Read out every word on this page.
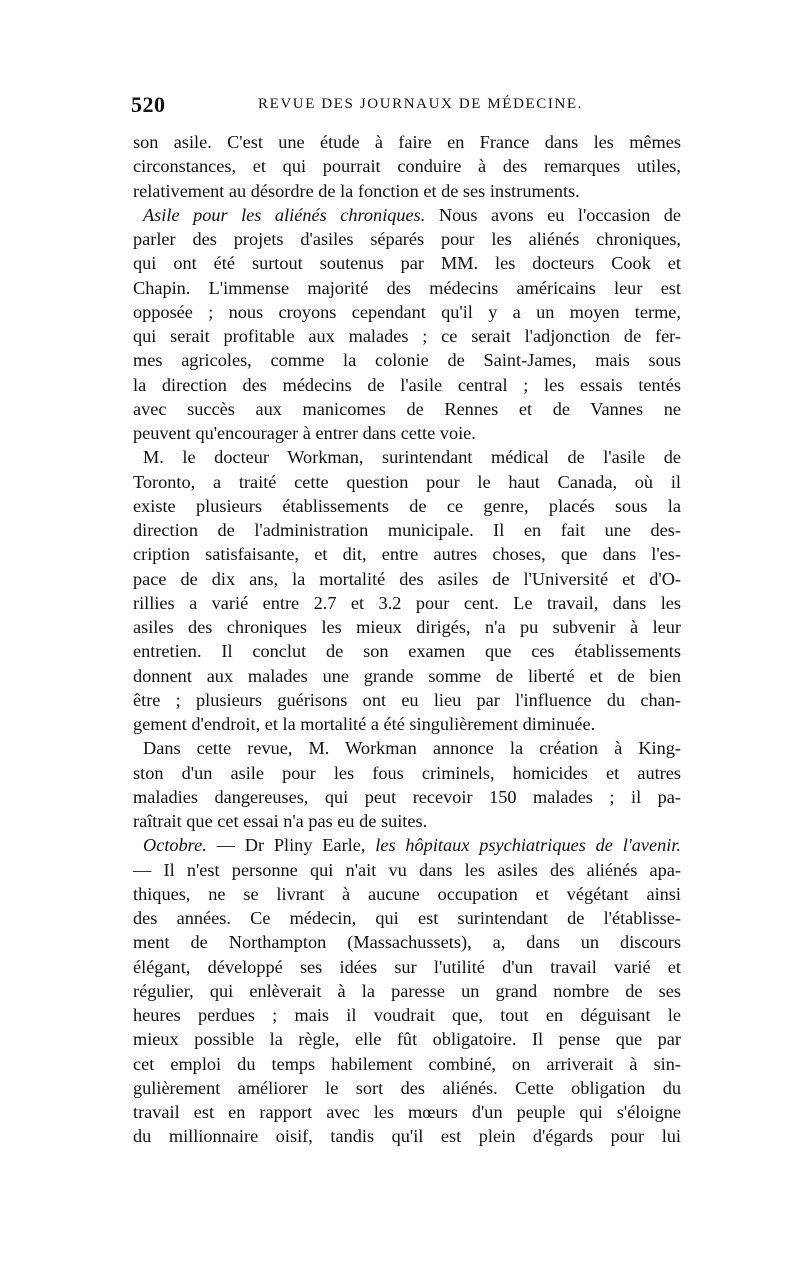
520	REVUE DES JOURNAUX DE MÉDECINE.
son asile. C'est une étude à faire en France dans les mêmes
circonstances, et qui pourrait conduire à des remarques utiles,
relativement au désordre de la fonction et de ses instruments.
Asile pour les aliénés chroniques. Nous avons eu l'occasion de
parler des projets d'asiles séparés pour les aliénés chroniques,
qui ont été surtout soutenus par MM. les docteurs Cook et
Chapin. L'immense majorité des médecins américains leur est
opposée ; nous croyons cependant qu'il y a un moyen terme,
qui serait profitable aux malades ; ce serait l'adjonction de fer-
mes agricoles, comme la colonie de Saint-James, mais sous
la direction des médecins de l'asile central ; les essais tentés
avec succès aux manicomes de Rennes et de Vannes ne
peuvent qu'encourager à entrer dans cette voie.
M. le docteur Workman, surintendant médical de l'asile de
Toronto, a traité cette question pour le haut Canada, où il
existe plusieurs établissements de ce genre, placés sous la
direction de l'administration municipale. Il en fait une des-
cription satisfaisante, et dit, entre autres choses, que dans l'es-
pace de dix ans, la mortalité des asiles de l'Université et d'O-
rillies a varié entre 2.7 et 3.2 pour cent. Le travail, dans les
asiles des chroniques les mieux dirigés, n'a pu subvenir à leur
entretien. Il conclut de son examen que ces établissements
donnent aux malades une grande somme de liberté et de bien
être ; plusieurs guérisons ont eu lieu par l'influence du chan-
gement d'endroit, et la mortalité a été singulièrement diminuée.
Dans cette revue, M. Workman annonce la création à King-
ston d'un asile pour les fous criminels, homicides et autres
maladies dangereuses, qui peut recevoir 150 malades ; il pa-
raîtrait que cet essai n'a pas eu de suites.
Octobre. — Dr Pliny Earle, les hôpitaux psychiatriques de l'avenir.
— Il n'est personne qui n'ait vu dans les asiles des aliénés apa-
thiques, ne se livrant à aucune occupation et végétant ainsi
des années. Ce médecin, qui est surintendant de l'établisse-
ment de Northampton (Massachussets), a, dans un discours
élégant, développé ses idées sur l'utilité d'un travail varié et
régulier, qui enlèverait à la paresse un grand nombre de ses
heures perdues ; mais il voudrait que, tout en déguisant le
mieux possible la règle, elle fût obligatoire. Il pense que par
cet emploi du temps habilement combiné, on arriverait à sin-
gulièrement améliorer le sort des aliénés. Cette obligation du
travail est en rapport avec les mœurs d'un peuple qui s'éloigne
du millionnaire oisif, tandis qu'il est plein d'égards pour lui
